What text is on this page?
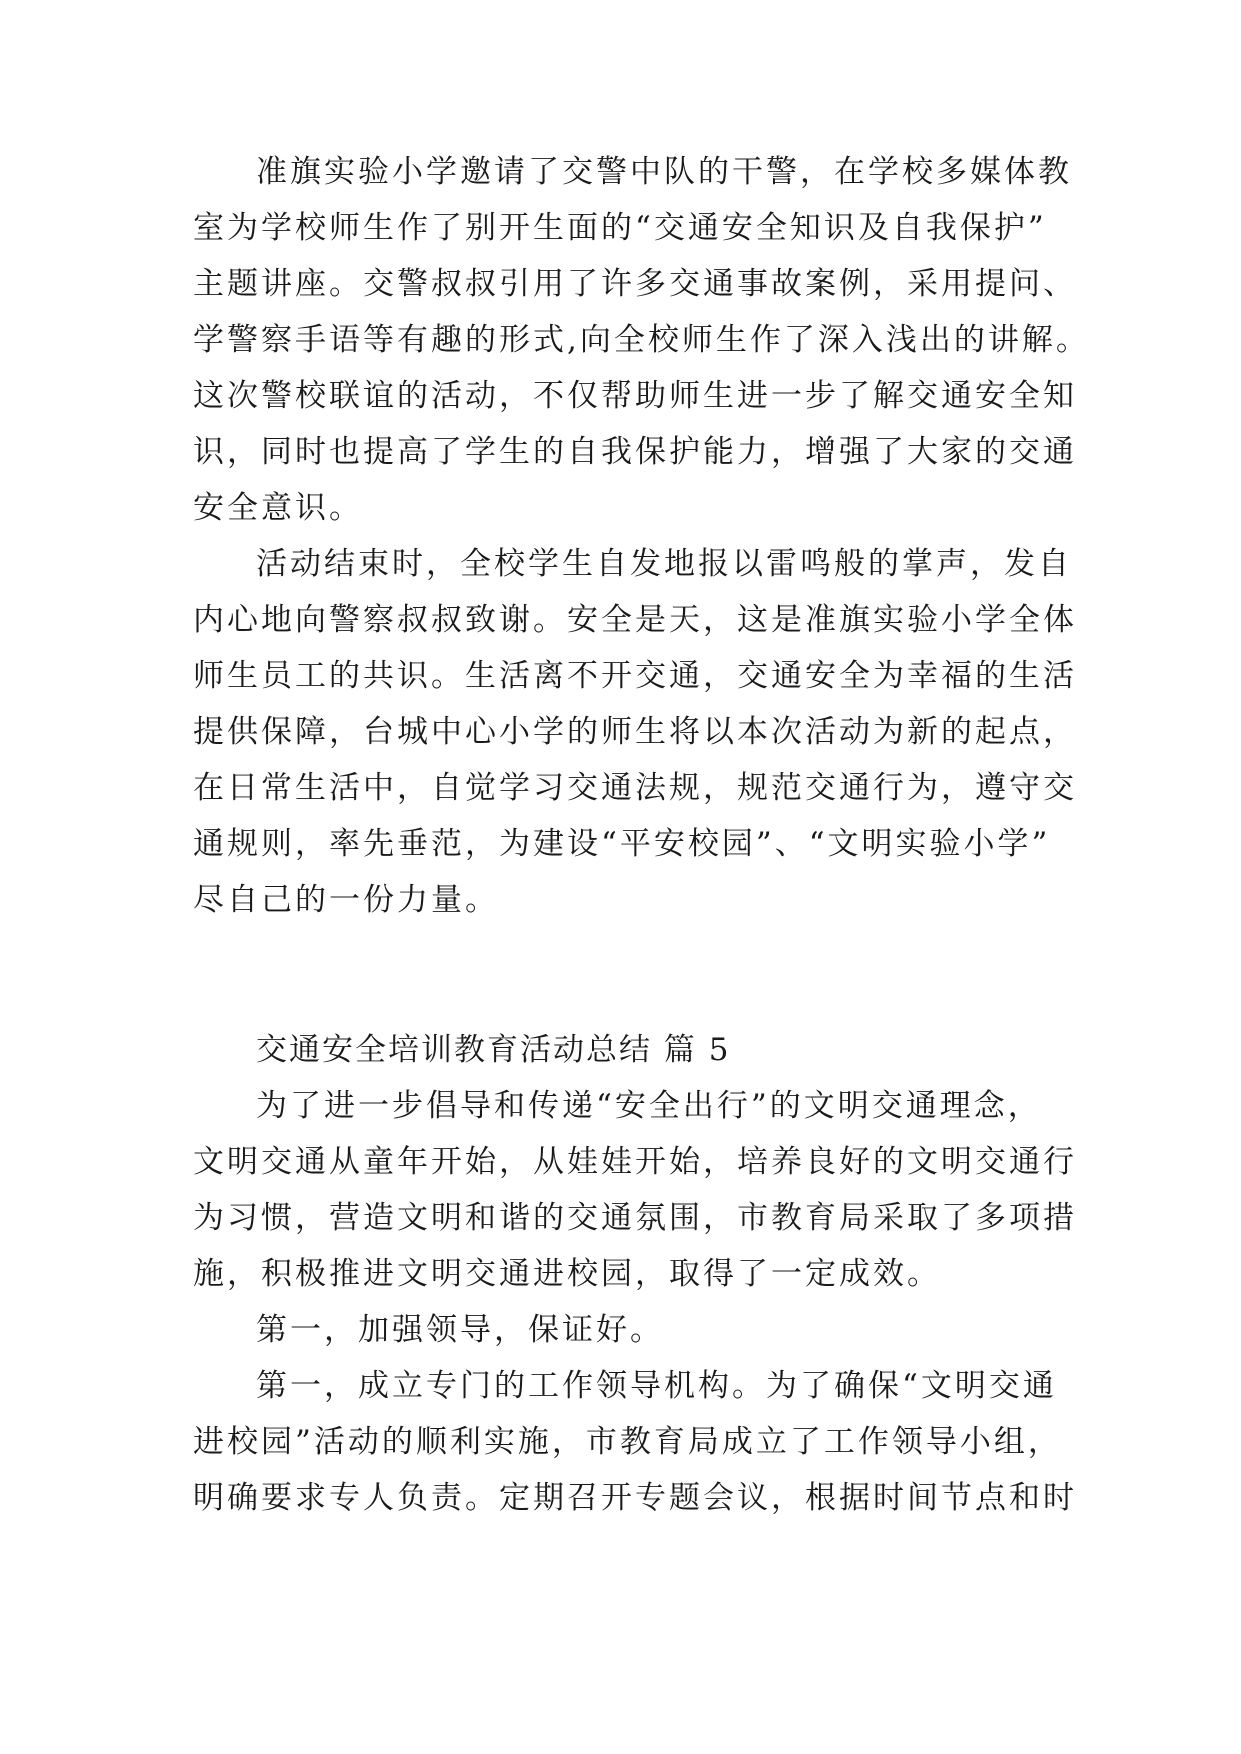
准旗实验小学邀请了交警中队的干警，在学校多媒体教
室为学校师生作了别开生面的“交通安全知识及自我保护”
主题讲座。交警叔叔引用了许多交通事故案例，采用提问、
学警察手语等有趣的形式,向全校师生作了深入浅出的讲解。
这次警校联谊的活动，不仅帮助师生进一步了解交通安全知
识，同时也提高了学生的自我保护能力，增强了大家的交通
安全意识。
活动结束时，全校学生自发地报以雷鸣般的掌声，发自
内心地向警察叔叔致谢。安全是天，这是准旗实验小学全体
师生员工的共识。生活离不开交通，交通安全为幸福的生活
提供保障，台城中心小学的师生将以本次活动为新的起点，
在日常生活中，自觉学习交通法规，规范交通行为，遵守交
通规则，率先垂范，为建设“平安校园”、“文明实验小学”
尽自己的一份力量。
交通安全培训教育活动总结 篇 5
为了进一步倡导和传递“安全出行”的文明交通理念，
文明交通从童年开始，从娃娃开始，培养良好的文明交通行
为习惯，营造文明和谐的交通氛围，市教育局采取了多项措
施，积极推进文明交通进校园，取得了一定成效。
第一，加强领导，保证好。
第一，成立专门的工作领导机构。为了确保“文明交通
进校园”活动的顺利实施，市教育局成立了工作领导小组，
明确要求专人负责。定期召开专题会议，根据时间节点和时
